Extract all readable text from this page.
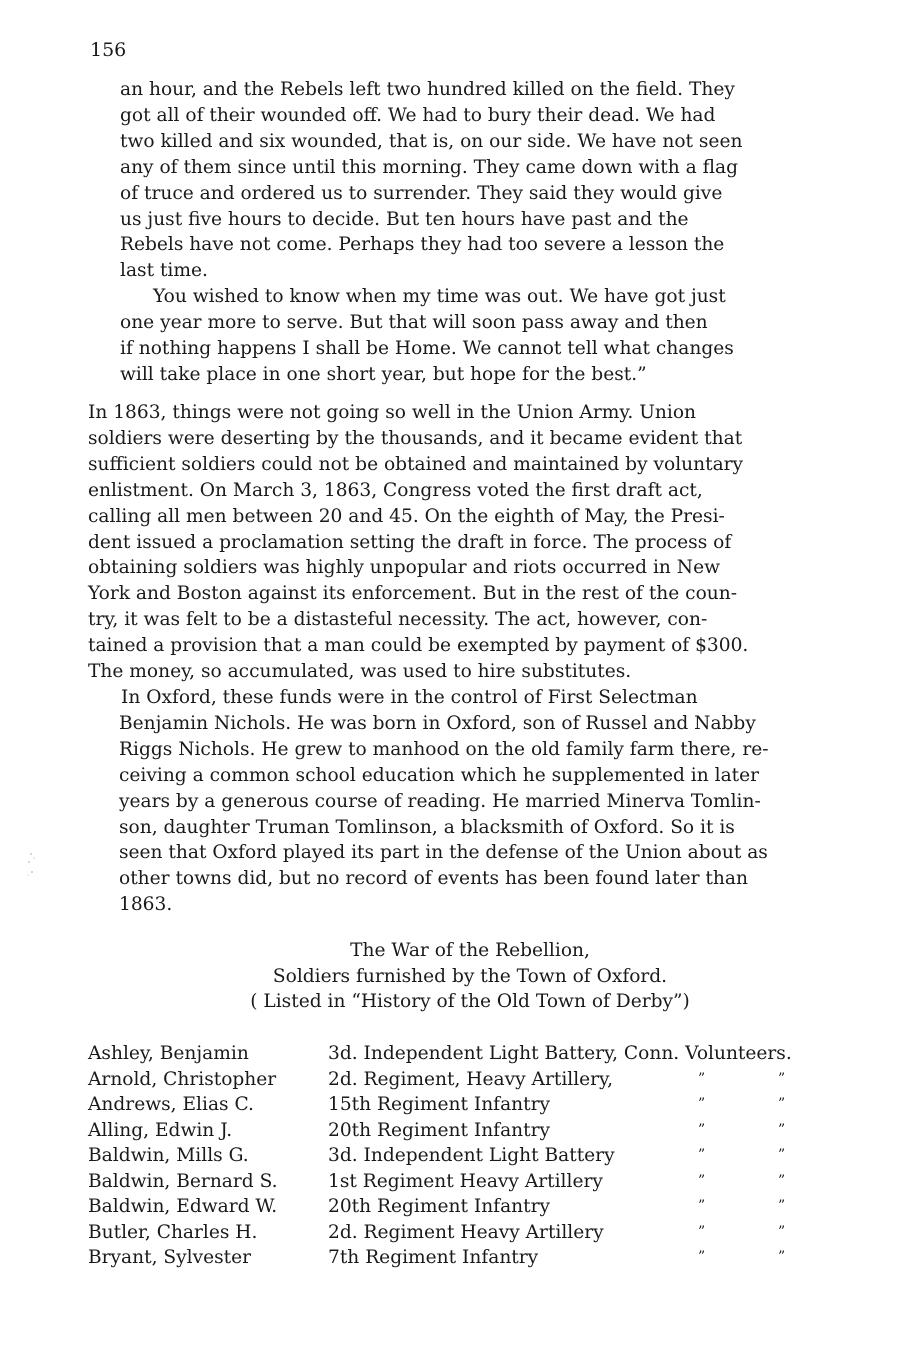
156

an hour, and the Rebels left two hundred killed on the field. They
got all of their wounded off. We had to bury their dead. We had
two killed and six wounded, that is, on our side. We have not seen
any of them since until this morning. They came down with a flag
of truce and ordered us to surrender. They said they would give
us just five hours to decide. But ten hours have past and the
Rebels have not come. Perhaps they had too severe a lesson the
last time.

You wished to know when my time was out. We have got just
one year more to serve. But that will soon pass away and then
if nothing happens I shall be Home. We cannot tell what changes
will take place in one short year, but hope for the best.”

In 1863, things were not going so well in the Union Army. Union
soldiers were deserting by the thousands, and it became evident that
sufficient soldiers could not be obtained and maintained by voluntary
enlistment. On March 3, 1863, Congress voted the first draft act,
calling all men between 20 and 45. On the eighth of May, the Presi-
dent issued a proclamation setting the draft in force. The process of
obtaining soldiers was highly unpopular and riots occurred in New
York and Boston against its enforcement. But in the rest of the coun-
try, it was felt to be a distasteful necessity. The act, however, con-
tained a provision that a man could be exempted by payment of $300.
The money, so accumulated, was used to hire substitutes.

In Oxford, these funds were in the control of First Selectman
Benjamin Nichols. He was born in Oxford, son of Russel and Nabby
Riggs Nichols. He grew to manhood on the old family farm there, re-
ceiving a common school education which he supplemented in later
years by a generous course of reading. He married Minerva Tomlin-
son, daughter Truman Tomlinson, a blacksmith of Oxford. So it is
seen that Oxford played its part in the defense of the Union about as
other towns did, but no record of events has been found later than
1863.

The War of the Rebellion,
Soldiers furnished by the Town of Oxford.
( Listed in “History of the Old Town of Derby”)
Ashley, Benjamin	3d. Independent Light Battery, Conn. Volunteers.
Arnold, Christopher	2d. Regiment, Heavy Artillery,	”	”
Andrews, Elias C.	15th Regiment Infantry	”	”
Alling, Edwin J.	20th Regiment Infantry	”	”
Baldwin, Mills G.	3d. Independent Light Battery	”	”
Baldwin, Bernard S.	1st Regiment Heavy Artillery	”	”
Baldwin, Edward W.	20th Regiment Infantry	”	”
Butler, Charles H.	2d. Regiment Heavy Artillery	”	”
Bryant, Sylvester	7th Regiment Infantry	”	”
